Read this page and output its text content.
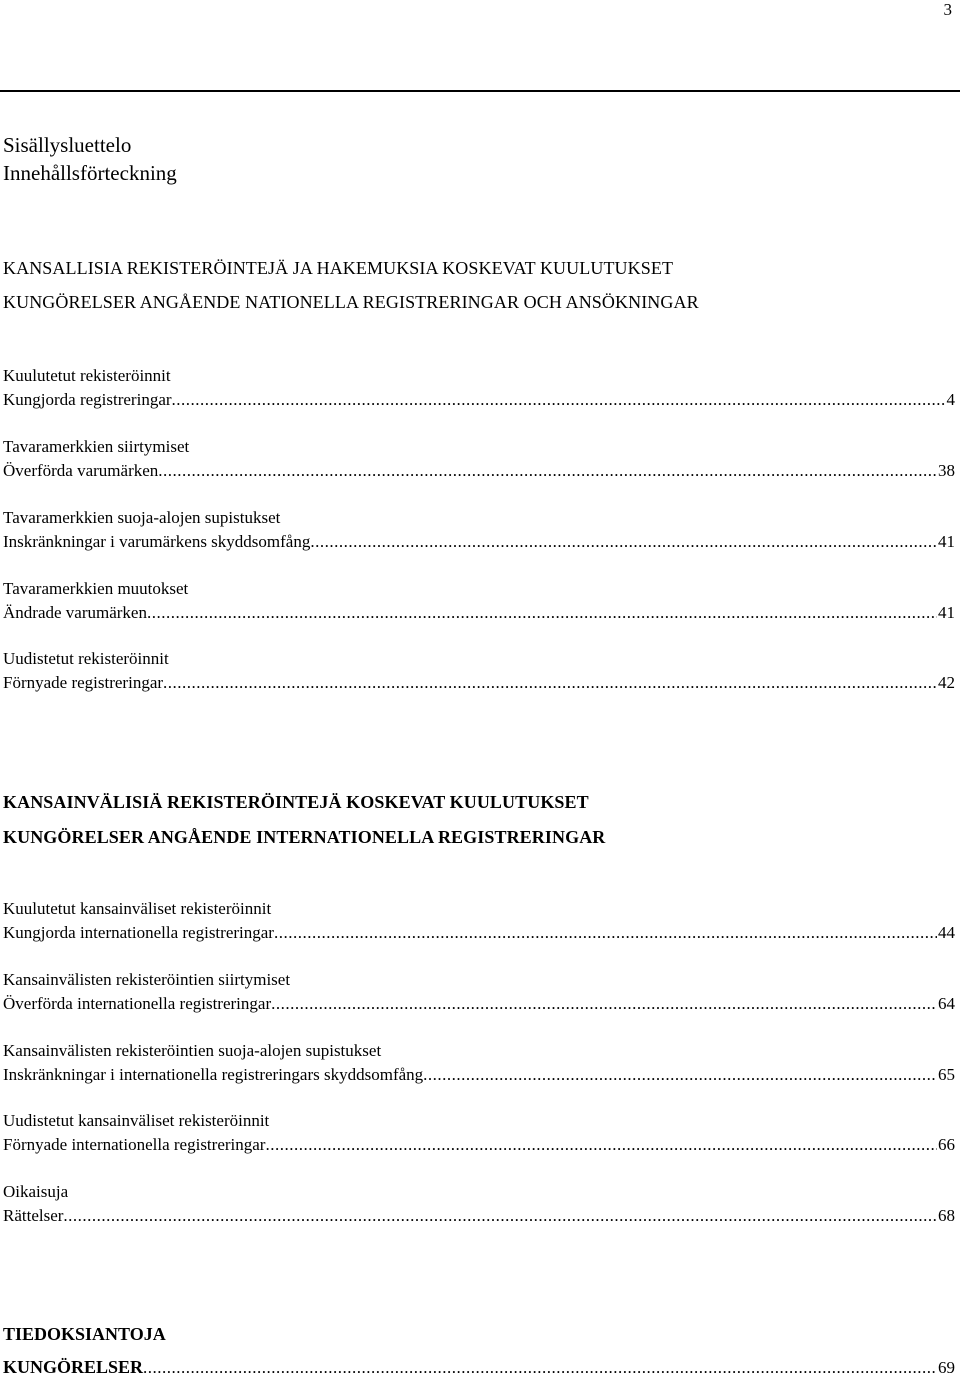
3
Sisällysluettelo
Innehållsförteckning
KANSALLISIA REKISTERÖINTEJÄ JA HAKEMUKSIA KOSKEVAT KUULUTUKSET
KUNGÖRELSER ANGÅENDE NATIONELLA REGISTRERINGAR OCH ANSÖKNINGAR
Kuulutetut rekisteröinnit
Kungjorda registreringar .....	4
Tavaramerkkien siirtymiset
Överförda varumärken .....	38
Tavaramerkkien suoja-alojen supistukset
Inskränkningar i varumärkens skyddsomfång .....	41
Tavaramerkkien muutokset
Ändrade varumärken .....	41
Uudistetut rekisteröinnit
Förnyade registreringar .....	42
KANSAINVÄLISIÄ REKISTERÖINTEJÄ KOSKEVAT KUULUTUKSET
KUNGÖRELSER ANGÅENDE INTERNATIONELLA REGISTRERINGAR
Kuulutetut kansainväliset rekisteröinnit
Kungjorda internationella registreringar .....	44
Kansainvälisten rekisteröintien siirtymiset
Överförda internationella registreringar .....	64
Kansainvälisten rekisteröintien suoja-alojen supistukset
Inskränkningar i internationella registreringars skyddsomfång .....	65
Uudistetut kansainväliset rekisteröinnit
Förnyade internationella registreringar .....	66
Oikaisuja
Rättelser .....	68
TIEDOKSIANTOJA
KUNGÖRELSER .....	69
